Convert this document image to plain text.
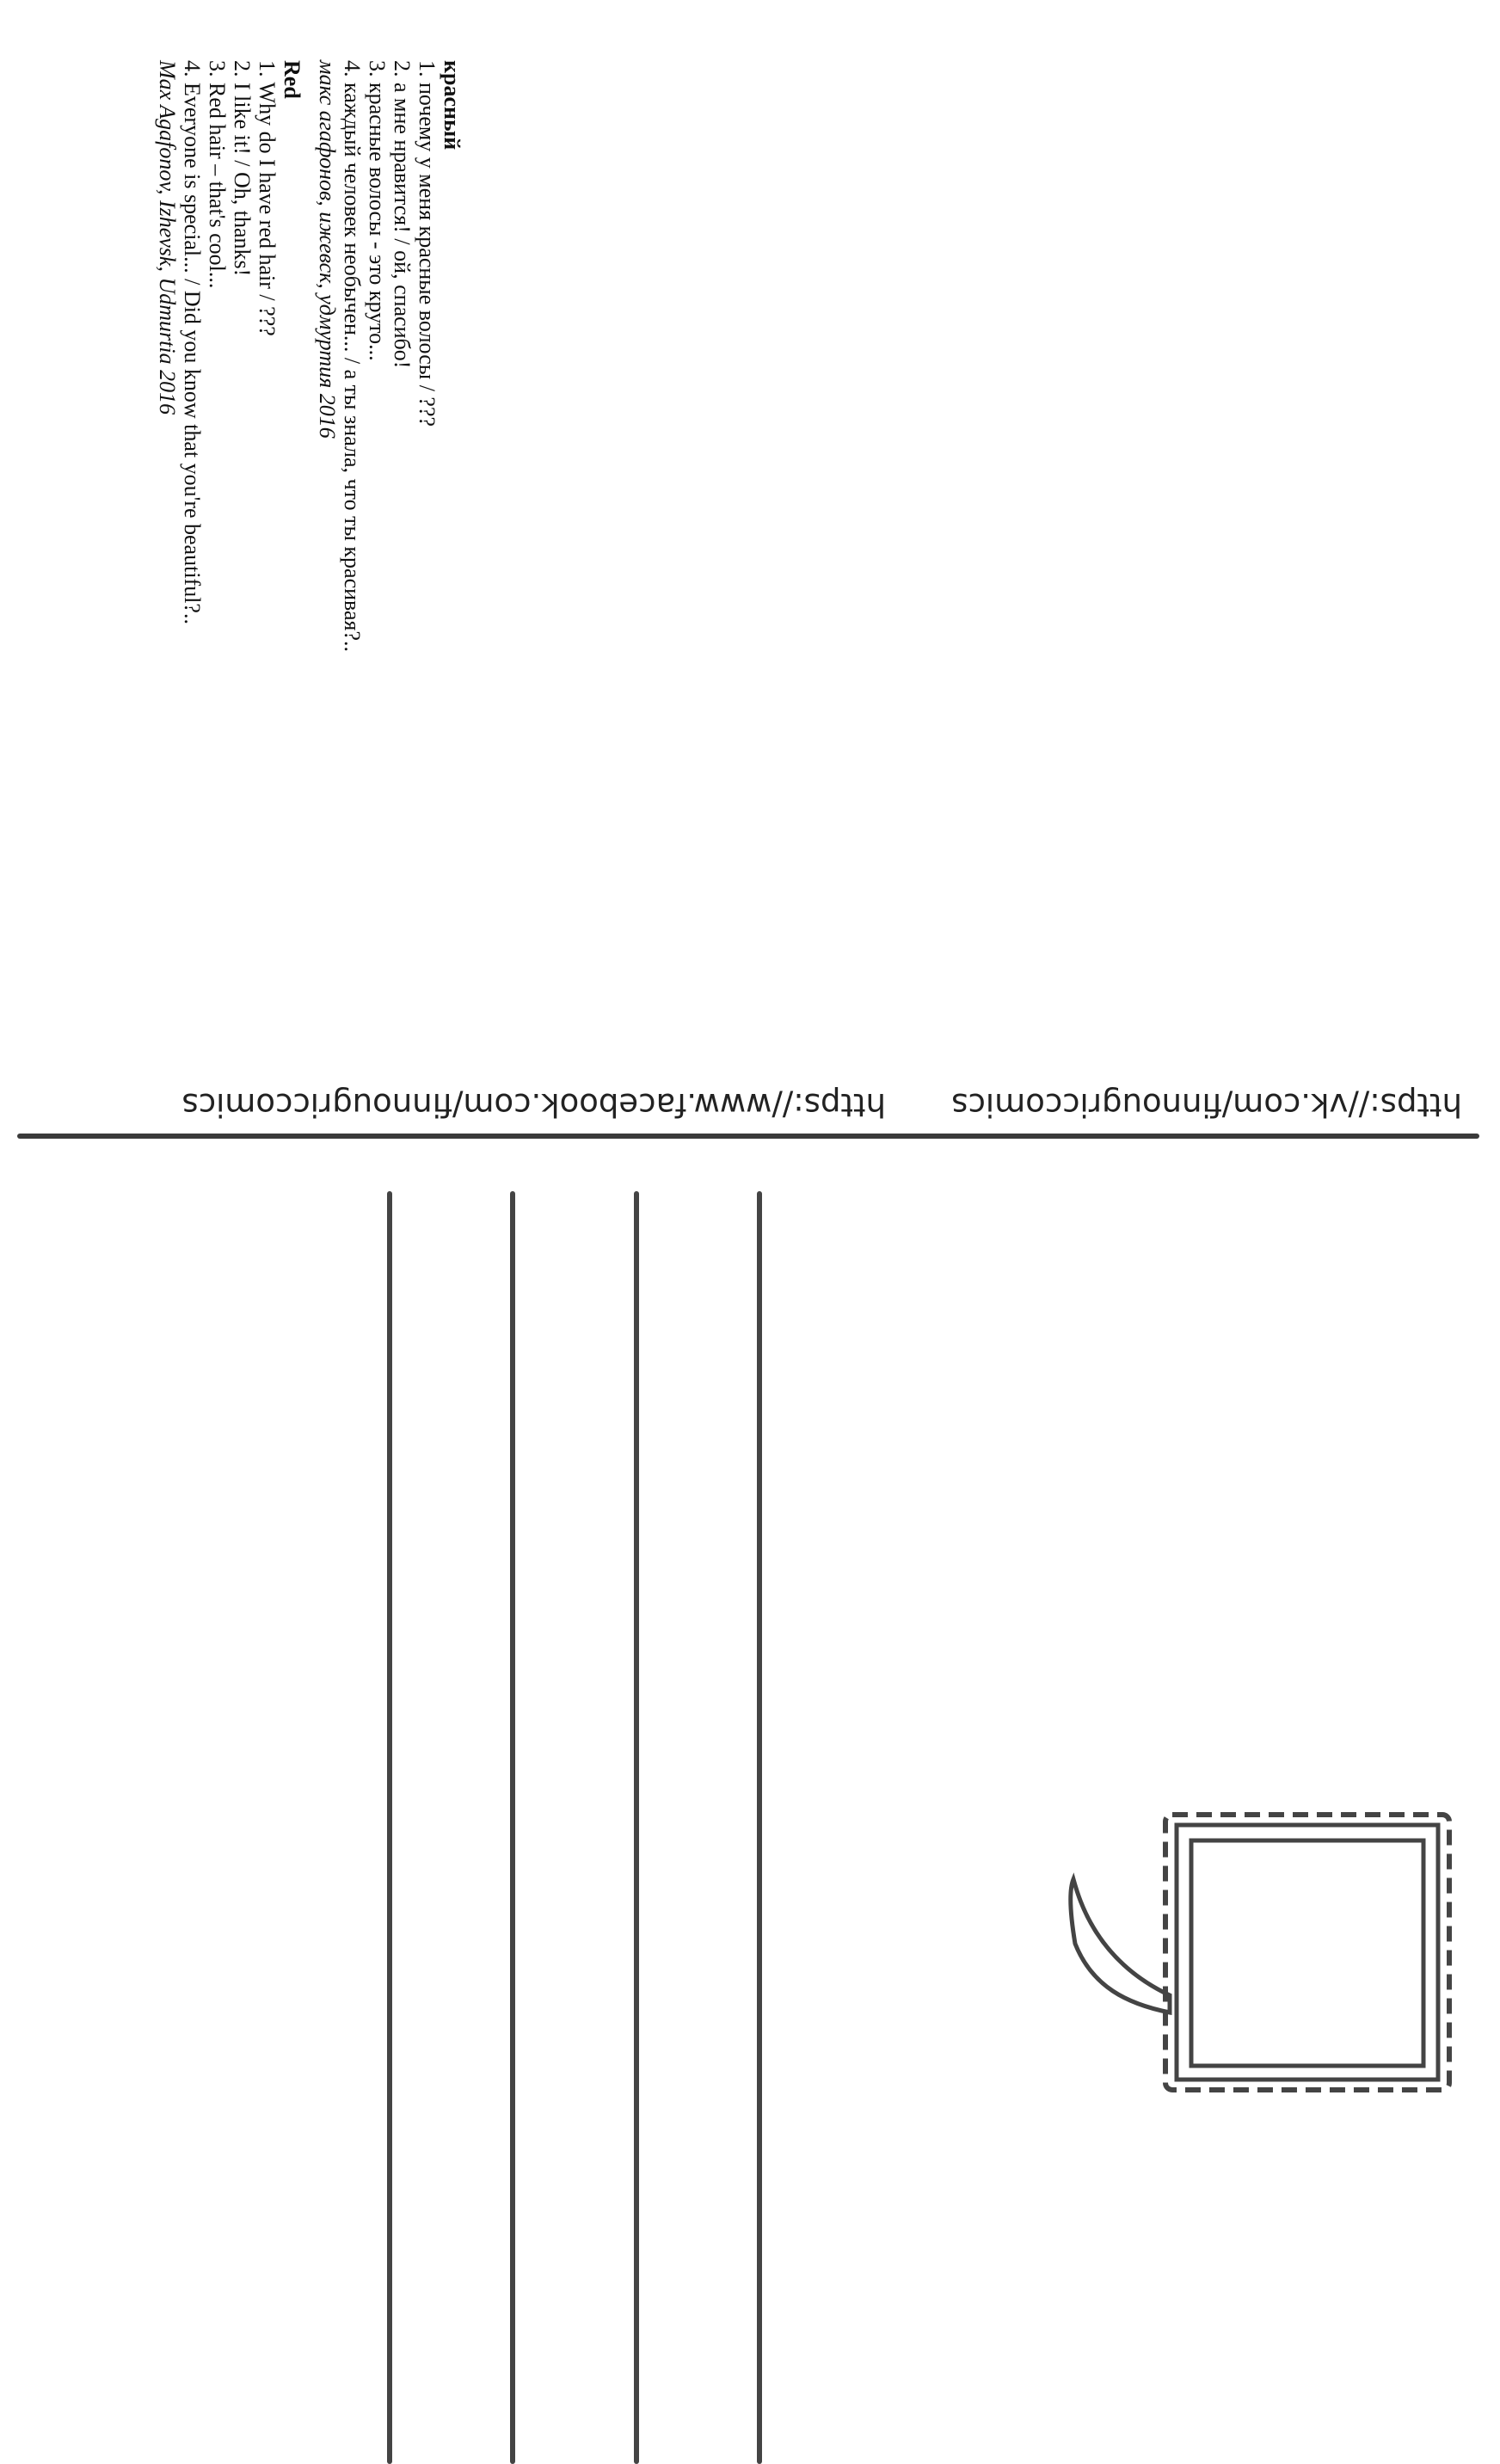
красный
1. почему у меня красные волосы / ???
2. а мне нравится! / ой, спасибо!
3. красные волосы - это круто...
4. каждый человек необычен... / а ты знала, что ты красивая?..
макс агафонов, ижевск, удмуртия 2016
Red
1. Why do I have red hair / ???
2. I like it! / Oh, thanks!
3. Red hair – that's cool...
4. Everyone is special... / Did you know that you're beautiful?..
Max Agafonov, Izhevsk, Udmurtia 2016
https://www.facebook.com/finnougriccomics https://vk.com/finnougriccomics
